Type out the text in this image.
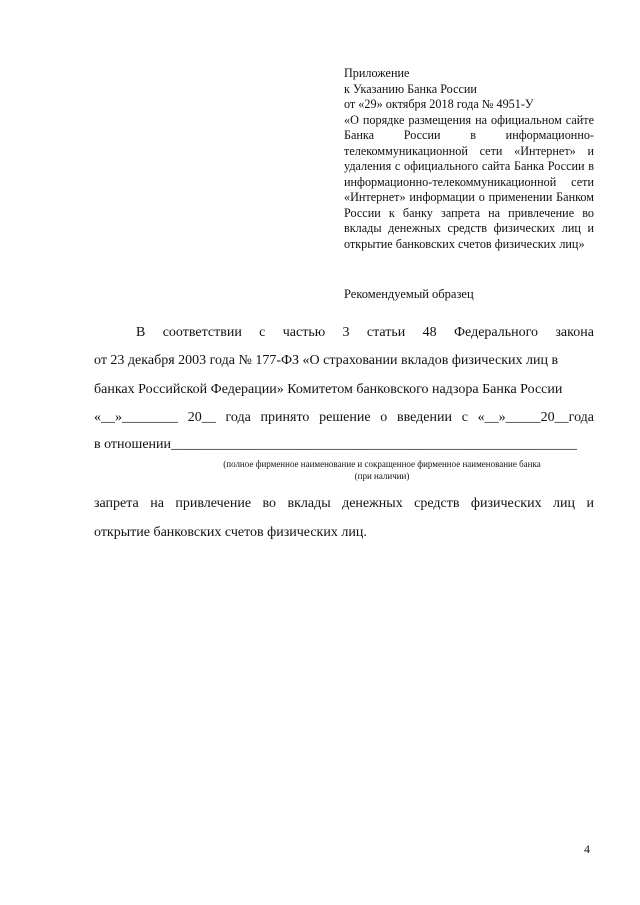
Приложение
к Указанию Банка России
от «29» октября 2018 года № 4951-У
«О порядке размещения на официальном сайте Банка России в информационно-телекоммуникационной сети «Интернет» и удаления с официального сайта Банка России в информационно-телекоммуникационной сети «Интернет» информации о применении Банком России к банку запрета на привлечение во вклады денежных средств физических лиц и открытие банковских счетов физических лиц»
Рекомендуемый образец
В соответствии с частью 3 статьи 48 Федерального закона
от 23 декабря 2003 года № 177-ФЗ «О страховании вкладов физических лиц в
банках Российской Федерации» Комитетом банковского надзора Банка России
«__»________ 20__ года принято решение о введении с «__»_____20__года
в отношении__________________________________________________________
запрета на привлечение во вклады денежных средств физических лиц и
открытие банковских счетов физических лиц.
(полное фирменное наименование и сокращенное фирменное наименование банка
(при наличии)
4
